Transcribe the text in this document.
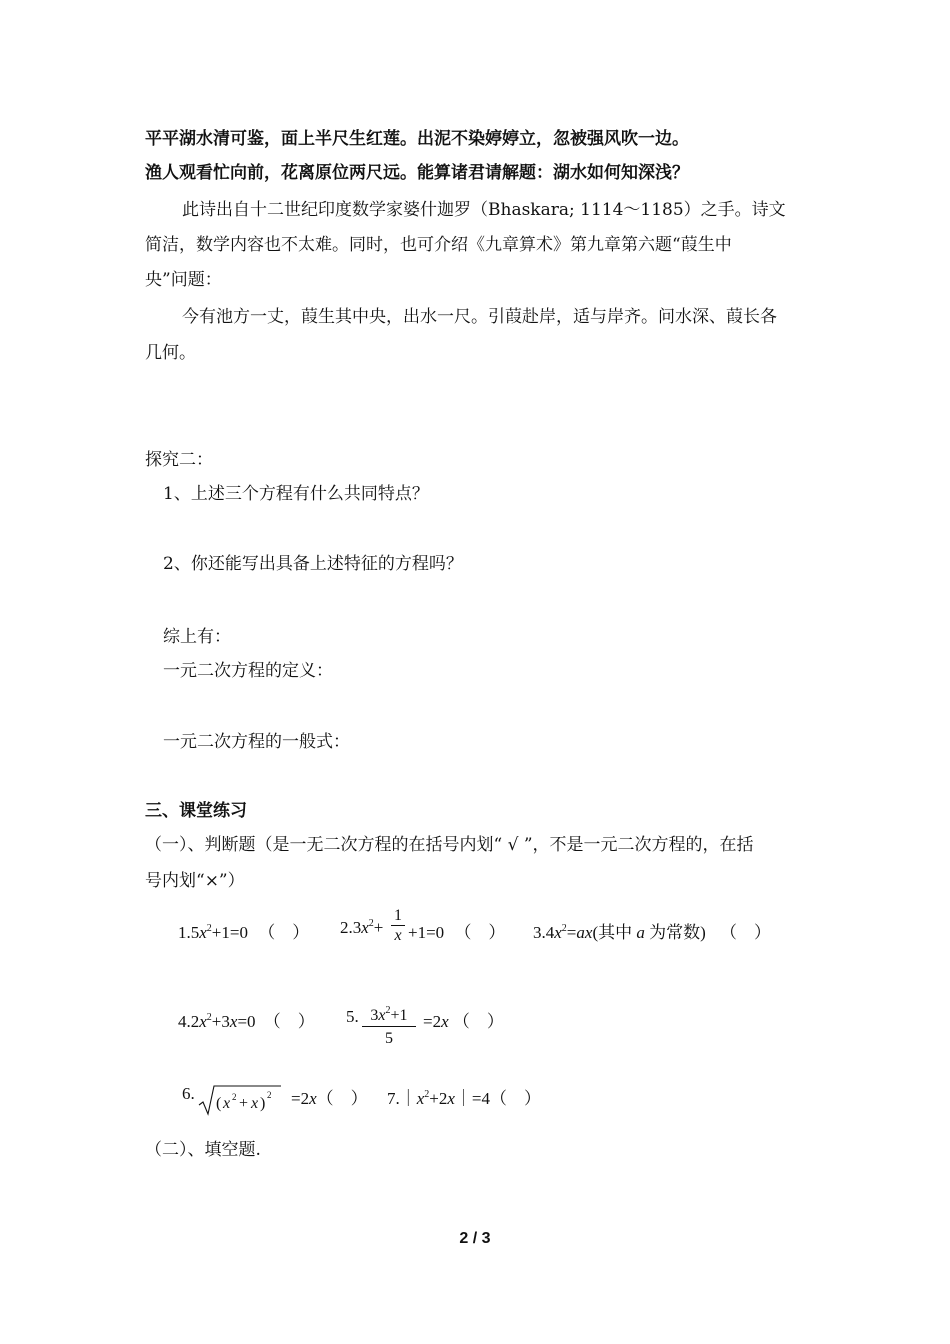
平平湖水清可鉴，面上半尺生红莲。出泥不染婷婷立，忽被强风吹一边。
渔人观看忙向前，花离原位两尺远。能算诸君请解题：湖水如何知深浅？
此诗出自十二世纪印度数学家婆什迦罗（Bhaskara; 1114～1185）之手。诗文
简洁，数学内容也不太难。同时，也可介绍《九章算术》第九章第六题“葭生中
央”问题：
今有池方一丈，葭生其中央，出水一尺。引葭赴岸，适与岸齐。问水深、葭长各
几何。
探究二：
1、上述三个方程有什么共同特点？
2、你还能写出具备上述特征的方程吗？
综上有：
一元二次方程的定义：
一元二次方程的一般式：
三、课堂练习
（一）、判断题（是一无二次方程的在括号内划“ √ ”，不是一元二次方程的，在括
号内划“×”）
$1.5x^2+1=0$ （　） $2.3x^2+ \frac{1}{x} +1=0$ （　） $3.4x^2=ax$(其中 a 为常数) （　）
$4.2x^2+3x=0$ （　） 5. $\frac{3x^2+1}{5} =2x$ （　）
6.
( x 2 + x ) 2 =2x（　） $7.|x^2+2x|=4$（　）
（二）、填空题.
2 / 3
